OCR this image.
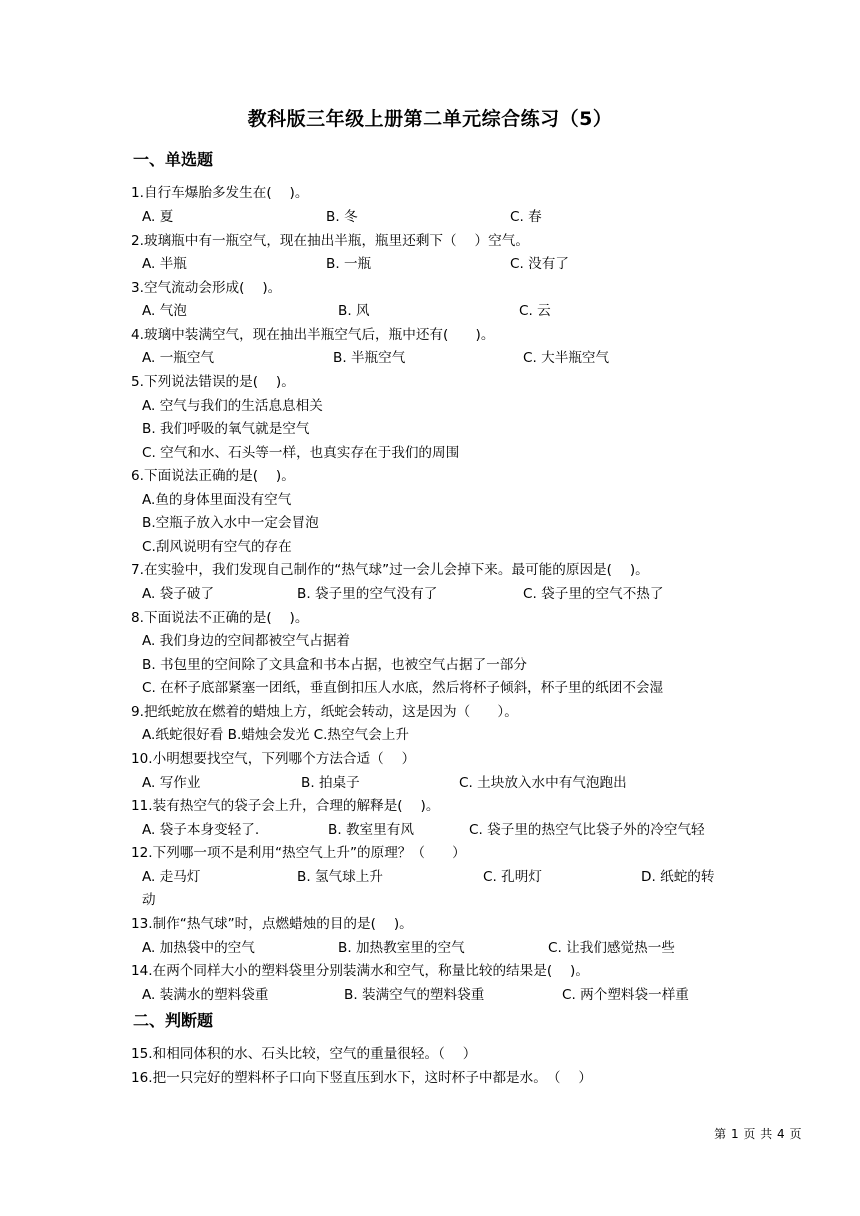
教科版三年级上册第二单元综合练习（5）
一、单选题
1.自行车爆胎多发生在(　 )。
A. 夏	B. 冬	C. 春
2.玻璃瓶中有一瓶空气，现在抽出半瓶，瓶里还剩下（　 ）空气。
A. 半瓶	B. 一瓶	C. 没有了
3.空气流动会形成(　 )。
A. 气泡	B. 风	C. 云
4.玻璃中装满空气，现在抽出半瓶空气后，瓶中还有(　　)。
A. 一瓶空气	B. 半瓶空气	C. 大半瓶空气
5.下列说法错误的是(　 )。
A. 空气与我们的生活息息相关
B. 我们呼吸的氧气就是空气
C. 空气和水、石头等一样，也真实存在于我们的周围
6.下面说法正确的是(　 )。
A.鱼的身体里面没有空气
B.空瓶子放入水中一定会冒泡
C.刮风说明有空气的存在
7.在实验中，我们发现自己制作的“热气球”过一会儿会掉下来。最可能的原因是(　 )。
A. 袋子破了	B. 袋子里的空气没有了	C. 袋子里的空气不热了
8.下面说法不正确的是(　 )。
A. 我们身边的空间都被空气占据着
B. 书包里的空间除了文具盒和书本占据，也被空气占据了一部分
C. 在杯子底部紧塞一团纸，垂直倒扣压人水底，然后将杯子倾斜，杯子里的纸团不会湿
9.把纸蛇放在燃着的蜡烛上方，纸蛇会转动，这是因为（　　）。
A.纸蛇很好看 B.蜡烛会发光 C.热空气会上升
10.小明想要找空气，下列哪个方法合适（　 ）
A. 写作业	B. 拍桌子	C. 土块放入水中有气泡跑出
11.装有热空气的袋子会上升，合理的解释是(　 )。
A. 袋子本身变轻了.	B. 教室里有风	C. 袋子里的热空气比袋子外的冷空气轻
12.下列哪一项不是利用“热空气上升”的原理？（　　）
A. 走马灯	B. 氢气球上升	C. 孔明灯	D. 纸蛇的转
动
13.制作“热气球”时，点燃蜡烛的目的是(　 )。
A. 加热袋中的空气	B. 加热教室里的空气	C. 让我们感觉热一些
14.在两个同样大小的塑料袋里分别装满水和空气，称量比较的结果是(　 )。
A. 装满水的塑料袋重	B. 装满空气的塑料袋重	C. 两个塑料袋一样重
二、判断题
15.和相同体积的水、石头比较，空气的重量很轻。（　 ）
16.把一只完好的塑料杯子口向下竖直压到水下，这时杯子中都是水。　（　 ）
第 1 页 共 4 页
